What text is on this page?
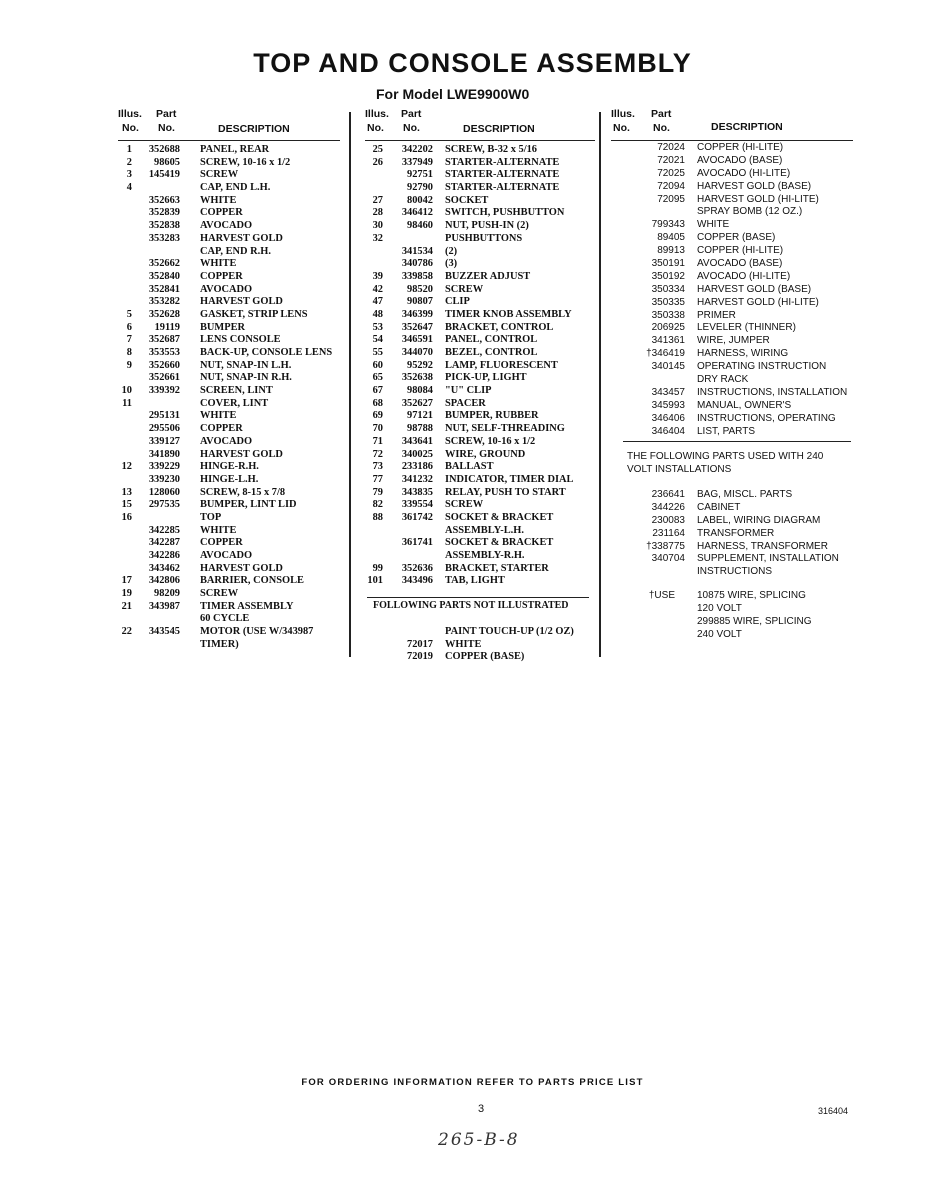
TOP AND CONSOLE ASSEMBLY
For Model LWE9900W0
Illus. Part
No. No.	DESCRIPTION
1 352688 PANEL, REAR
2 98605 SCREW, 10-16 x 1/2
3 145419 SCREW
4	CAP, END L.H.
352663 WHITE
352839 COPPER
352838 AVOCADO
353283 HARVEST GOLD
CAP, END R.H.
352662 WHITE
352840 COPPER
352841 AVOCADO
353282 HARVEST GOLD
5 352628 GASKET, STRIP LENS
6 19119 BUMPER
7 352687 LENS CONSOLE
8 353553 BACK-UP, CONSOLE LENS
9 352660 NUT, SNAP-IN L.H.
352661 NUT, SNAP-IN R.H.
10 339392 SCREEN, LINT
11	COVER, LINT
295131 WHITE
295506 COPPER
339127 AVOCADO
341890 HARVEST GOLD
12 339229 HINGE-R.H.
339230 HINGE-L.H.
13 128060 SCREW, 8-15 x 7/8
15 297535 BUMPER, LINT LID
16	TOP
342285 WHITE
342287 COPPER
342286 AVOCADO
343462 HARVEST GOLD
17 342806 BARRIER, CONSOLE
19 98209 SCREW
21 343987 TIMER ASSEMBLY
60 CYCLE
22 343545 MOTOR (USE W/343987
TIMER)
Illus. Part
No. No.	DESCRIPTION
25 342202 SCREW, B-32 x 5/16
26 337949 STARTER-ALTERNATE
92751 STARTER-ALTERNATE
92790 STARTER-ALTERNATE
27 80042 SOCKET
28 346412 SWITCH, PUSHBUTTON
30 98460 NUT, PUSH-IN (2)
32	PUSHBUTTONS
341534 (2)
340786 (3)
39 339858 BUZZER ADJUST
42 98520 SCREW
47 90807 CLIP
48 346399 TIMER KNOB ASSEMBLY
53 352647 BRACKET, CONTROL
54 346591 PANEL, CONTROL
55 344070 BEZEL, CONTROL
60 95292 LAMP, FLUORESCENT
65 352638 PICK-UP, LIGHT
67 98084 "U" CLIP
68 352627 SPACER
69 97121 BUMPER, RUBBER
70 98788 NUT, SELF-THREADING
71 343641 SCREW, 10-16 x 1/2
72 340025 WIRE, GROUND
73 233186 BALLAST
77 341232 INDICATOR, TIMER DIAL
79 343835 RELAY, PUSH TO START
82 339554 SCREW
88 361742 SOCKET & BRACKET
ASSEMBLY-L.H.
361741 SOCKET & BRACKET
ASSEMBLY-R.H.
99 352636 BRACKET, STARTER
101 343496 TAB, LIGHT
FOLLOWING PARTS NOT ILLUSTRATED
PAINT TOUCH-UP (1/2 OZ)
72017 WHITE
72019 COPPER (BASE)
Illus. Part
No. No.	DESCRIPTION
72024 COPPER (HI-LITE)
72021 AVOCADO (BASE)
72025 AVOCADO (HI-LITE)
72094 HARVEST GOLD (BASE)
72095 HARVEST GOLD (HI-LITE)
SPRAY BOMB (12 OZ.)
799343 WHITE
89405 COPPER (BASE)
89913 COPPER (HI-LITE)
350191 AVOCADO (BASE)
350192 AVOCADO (HI-LITE)
350334 HARVEST GOLD (BASE)
350335 HARVEST GOLD (HI-LITE)
350338 PRIMER
206925 LEVELER (THINNER)
341361 WIRE, JUMPER
†346419 HARNESS, WIRING
340145 OPERATING INSTRUCTION
DRY RACK
343457 INSTRUCTIONS, INSTALLATION
345993 MANUAL, OWNER'S
346406 INSTRUCTIONS, OPERATING
346404 LIST, PARTS
THE FOLLOWING PARTS USED WITH 240
VOLT INSTALLATIONS
236641 BAG, MISCL. PARTS
344226 CABINET
230083 LABEL, WIRING DIAGRAM
231164 TRANSFORMER
†338775 HARNESS, TRANSFORMER
340704 SUPPLEMENT, INSTALLATION
INSTRUCTIONS
†USE 10875 WIRE, SPLICING
120 VOLT
299885 WIRE, SPLICING
240 VOLT
FOR ORDERING INFORMATION REFER TO PARTS PRICE LIST
3	316404
265-B-8
